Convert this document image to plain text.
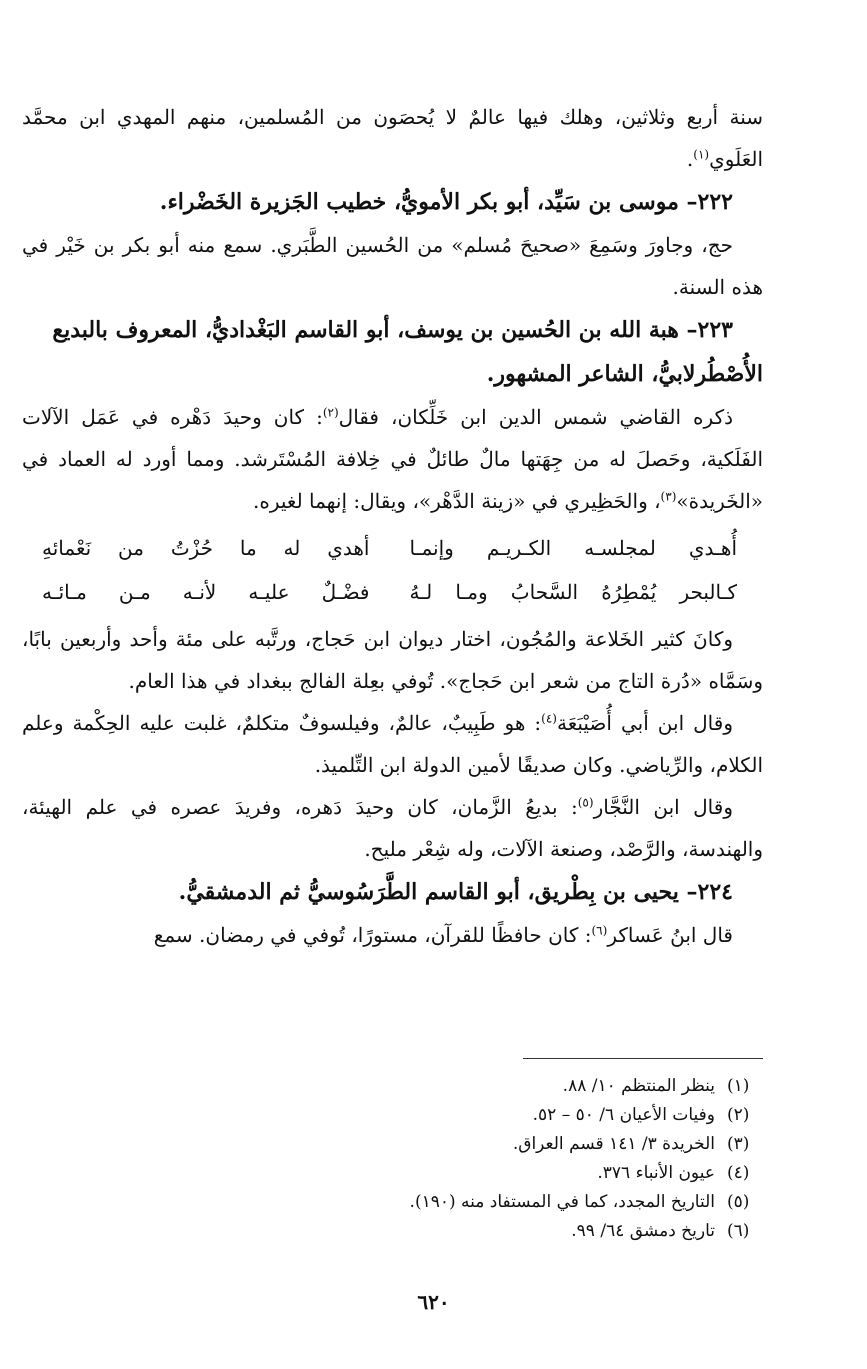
سنة أربع وثلاثين، وهلك فيها عالمٌ لا يُحصَون من المُسلمين، منهم المهدي ابن محمَّد العَلَوي$^{(١)}$.

٢٢٢– موسى بن سَيِّد، أبو بكر الأمويُّ، خطيب الجَزيرة الخَضْراء.

حج، وجاورَ وسَمِعَ «صحيحَ مُسلم» من الحُسين الطَّبَري. سمع منه أبو بكر بن خَيْر في هذه السنة.

٢٢٣– هبة الله بن الحُسين بن يوسف، أبو القاسم البَغْداديُّ، المعروف بالبديع الأُصْطُرلابيُّ، الشاعر المشهور.

ذكره القاضي شمس الدين ابن خَلِّكان، فقال$^{(٢)}$: كان وحيدَ دَهْره في عَمَل الآلات الفَلَكية، وحَصلَ له من جِهَتها مالٌ طائلٌ في خِلافة المُسْتَرشد. ومما أورد له العماد في «الخَريدة»$^{(٣)}$، والحَظِيري في «زينة الدَّهْر»، ويقال: إنهما لغيره.

أُهـدي لمجلسـه الكـريـم وإنمـا
أهدي له ما حُزْتُ من نَعْمائهِ
كـالبحر يُمْطِرُهُ السَّحابُ ومـا لـهُ
فضْـلٌ عليـه لأنـه مـن مـائـه

وكانَ كثير الخَلاعة والمُجُون، اختار ديوان ابن حَجاج، ورتَّبه على مئة وأحد وأربعين بابًا، وسَمَّاه «دُرة التاج من شعر ابن حَجاج». تُوفي بعِلة الفالج ببغداد في هذا العام.

وقال ابن أبي أُصَيْبَعَة$^{(٤)}$: هو طَبِيبٌ، عالمٌ، وفيلسوفٌ متكلمٌ، غلبت عليه الحِكْمة وعلم الكلام، والرِّياضي. وكان صديقًا لأمين الدولة ابن التِّلميذ.

وقال ابن النَّجَّار$^{(٥)}$: بديعُ الزَّمان، كان وحيدَ دَهره، وفريدَ عصره في علم الهيئة، والهندسة، والرَّصْد، وصنعة الآلات، وله شِعْر مليح.

٢٢٤– يحيى بن بِطْريق، أبو القاسم الطَّرَسُوسيُّ ثم الدمشقيُّ.

قال ابنُ عَساكر$^{(٦)}$: كان حافظًا للقرآن، مستورًا، تُوفي في رمضان. سمع

(١)
ينظر المنتظم ١٠/ ٨٨.
(٢)
وفيات الأعيان ٦/ ٥٠ – ٥٢.
(٣)
الخريدة ٣/ ١٤١ قسم العراق.
(٤)
عيون الأنباء ٣٧٦.
(٥)
التاريخ المجدد، كما في المستفاد منه (١٩٠).
(٦)
تاريخ دمشق ٦٤/ ٩٩.
٦٢٠
